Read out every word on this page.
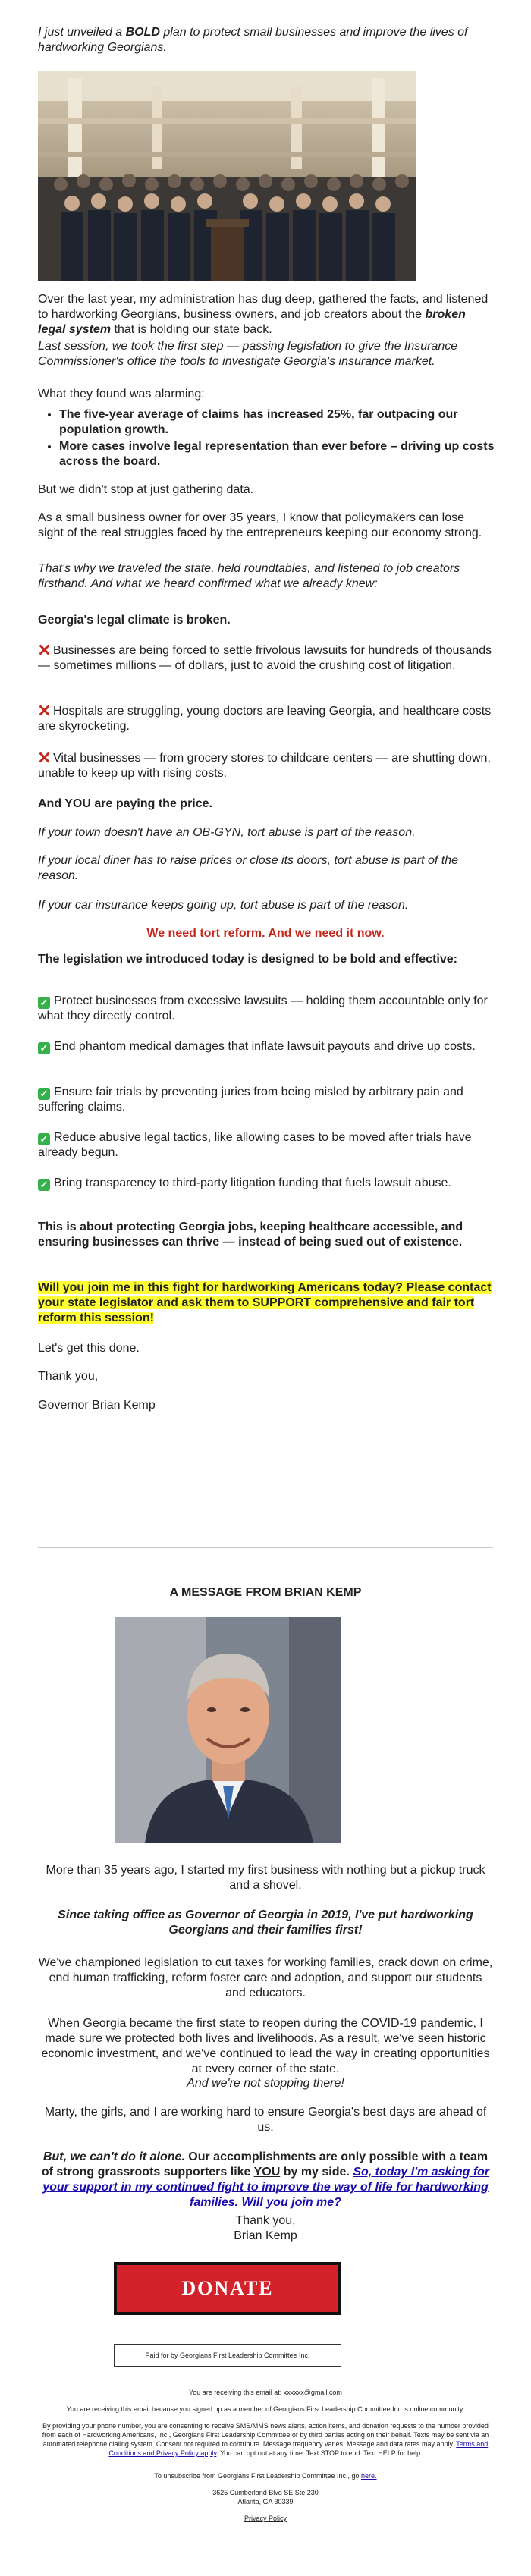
I just unveiled a BOLD plan to protect small businesses and improve the lives of hardworking Georgians.

Over the last year, my administration has dug deep, gathered the facts, and listened to hardworking Georgians, business owners, and job creators about the broken legal system that is holding our state back.

Last session, we took the first step — passing legislation to give the Insurance Commissioner's office the tools to investigate Georgia's insurance market.

What they found was alarming:

• The five-year average of claims has increased 25%, far outpacing our population growth.
• More cases involve legal representation than ever before – driving up costs across the board.

But we didn't stop at just gathering data.

As a small business owner for over 35 years, I know that policymakers can lose sight of the real struggles faced by the entrepreneurs keeping our economy strong.

That's why we traveled the state, held roundtables, and listened to job creators firsthand. And what we heard confirmed what we already knew:

Georgia's legal climate is broken.

Businesses are being forced to settle frivolous lawsuits for hundreds of thousands — sometimes millions — of dollars, just to avoid the crushing cost of litigation.

Hospitals are struggling, young doctors are leaving Georgia, and healthcare costs are skyrocketing.

Vital businesses — from grocery stores to childcare centers — are shutting down, unable to keep up with rising costs.

And YOU are paying the price.

If your town doesn't have an OB-GYN, tort abuse is part of the reason.

If your local diner has to raise prices or close its doors, tort abuse is part of the reason.

If your car insurance keeps going up, tort abuse is part of the reason.

We need tort reform. And we need it now.

The legislation we introduced today is designed to be bold and effective:

✓ Protect businesses from excessive lawsuits — holding them accountable only for what they directly control.

✓ End phantom medical damages that inflate lawsuit payouts and drive up costs.

✓ Ensure fair trials by preventing juries from being misled by arbitrary pain and suffering claims.

✓ Reduce abusive legal tactics, like allowing cases to be moved after trials have already begun.

✓ Bring transparency to third-party litigation funding that fuels lawsuit abuse.

This is about protecting Georgia jobs, keeping healthcare accessible, and ensuring businesses can thrive — instead of being sued out of existence.

Will you join me in this fight for hardworking Americans today? Please contact your state legislator and ask them to SUPPORT comprehensive and fair tort reform this session!

Let's get this done.

Thank you,

Governor Brian Kemp

A MESSAGE FROM BRIAN KEMP

More than 35 years ago, I started my first business with nothing but a pickup truck and a shovel.

Since taking office as Governor of Georgia in 2019, I've put hardworking Georgians and their families first!

We've championed legislation to cut taxes for working families, crack down on crime, end human trafficking, reform foster care and adoption, and support our students and educators.

When Georgia became the first state to reopen during the COVID-19 pandemic, I made sure we protected both lives and livelihoods. As a result, we've seen historic economic investment, and we've continued to lead the way in creating opportunities at every corner of the state.

And we're not stopping there!

Marty, the girls, and I are working hard to ensure Georgia's best days are ahead of us.

But, we can't do it alone. Our accomplishments are only possible with a team of strong grassroots supporters like YOU by my side. So, today I'm asking for your support in my continued fight to improve the way of life for hardworking families. Will you join me?

Thank you,

Brian Kemp

DONATE
Paid for by Georgians First Leadership Committee Inc.

You are receiving this email at: xxxxxx@gmail.com

You are receiving this email because you signed up as a member of Georgians First Leadership Committee Inc.'s online community.

By providing your phone number, you are consenting to receive SMS/MMS news alerts, action items, and donation requests to the number provided from each of Hardworking Americans, Inc., Georgians First Leadership Committee or by third parties acting on their behalf. Texts may be sent via an automated telephone dialing system. Consent not required to contribute. Message frequency varies. Message and data rates may apply. Terms and Conditions and Privacy Policy apply. You can opt out at any time. Text STOP to end. Text HELP for help.

To unsubscribe from Georgians First Leadership Committee Inc., go here.

3625 Cumberland Blvd SE Ste 230

Atlanta, GA 30339

Privacy Policy
